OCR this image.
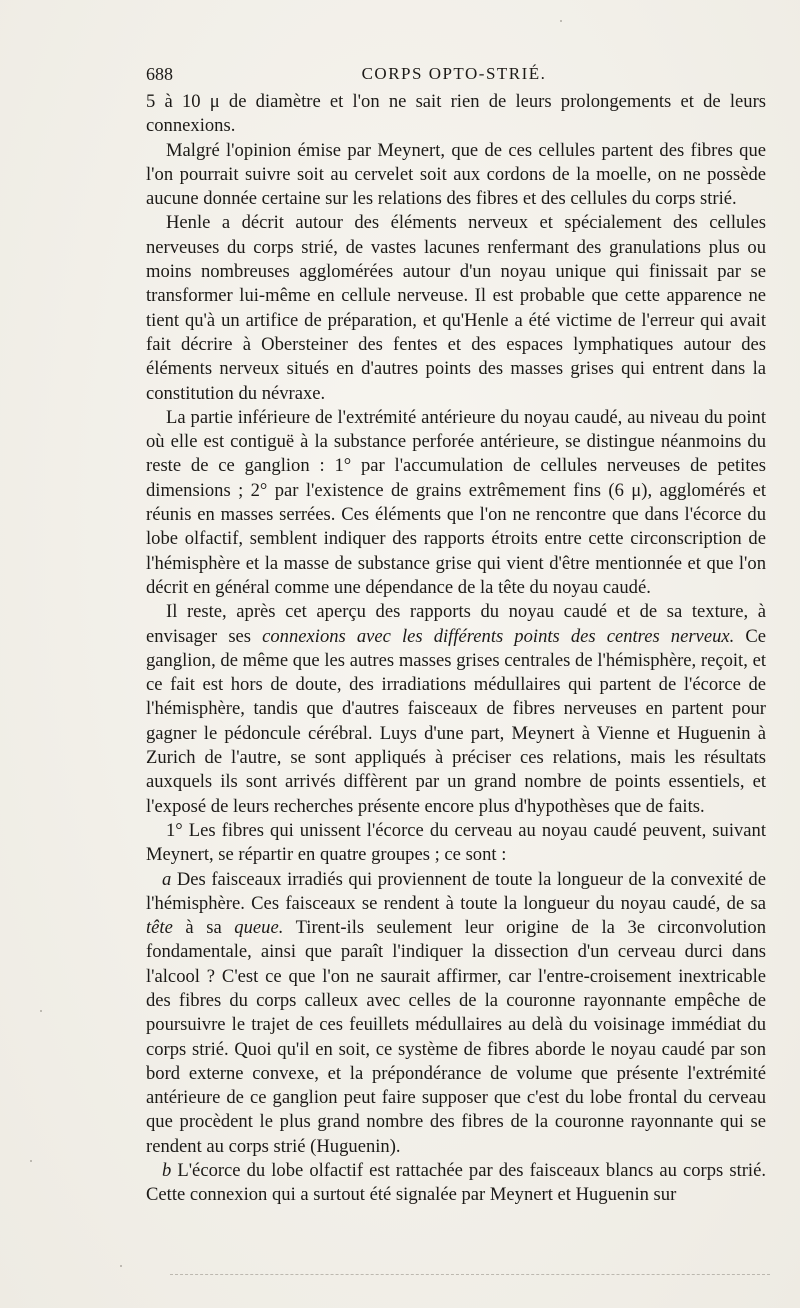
688	CORPS OPTO-STRIÉ.

5 à 10 μ de diamètre et l'on ne sait rien de leurs prolongements et de leurs connexions.

Malgré l'opinion émise par Meynert, que de ces cellules partent des fibres que l'on pourrait suivre soit au cervelet soit aux cordons de la moelle, on ne possède aucune donnée certaine sur les relations des fibres et des cellules du corps strié.

Henle a décrit autour des éléments nerveux et spécialement des cellules nerveuses du corps strié, de vastes lacunes renfermant des granulations plus ou moins nombreuses agglomérées autour d'un noyau unique qui finissait par se transformer lui-même en cellule nerveuse. Il est probable que cette apparence ne tient qu'à un artifice de préparation, et qu'Henle a été victime de l'erreur qui avait fait décrire à Obersteiner des fentes et des espaces lymphatiques autour des éléments nerveux situés en d'autres points des masses grises qui entrent dans la constitution du névraxe.

La partie inférieure de l'extrémité antérieure du noyau caudé, au niveau du point où elle est contiguë à la substance perforée antérieure, se distingue néanmoins du reste de ce ganglion : 1° par l'accumulation de cellules nerveuses de petites dimensions ; 2° par l'existence de grains extrêmement fins (6 μ), agglomérés et réunis en masses serrées. Ces éléments que l'on ne rencontre que dans l'écorce du lobe olfactif, semblent indiquer des rapports étroits entre cette circonscription de l'hémisphère et la masse de substance grise qui vient d'être mentionnée et que l'on décrit en général comme une dépendance de la tête du noyau caudé.

Il reste, après cet aperçu des rapports du noyau caudé et de sa texture, à envisager ses connexions avec les différents points des centres nerveux. Ce ganglion, de même que les autres masses grises centrales de l'hémisphère, reçoit, et ce fait est hors de doute, des irradiations médullaires qui partent de l'écorce de l'hémisphère, tandis que d'autres faisceaux de fibres nerveuses en partent pour gagner le pédoncule cérébral. Luys d'une part, Meynert à Vienne et Huguenin à Zurich de l'autre, se sont appliqués à préciser ces relations, mais les résultats auxquels ils sont arrivés diffèrent par un grand nombre de points essentiels, et l'exposé de leurs recherches présente encore plus d'hypothèses que de faits.

1° Les fibres qui unissent l'écorce du cerveau au noyau caudé peuvent, suivant Meynert, se répartir en quatre groupes ; ce sont :

a Des faisceaux irradiés qui proviennent de toute la longueur de la convexité de l'hémisphère. Ces faisceaux se rendent à toute la longueur du noyau caudé, de sa tête à sa queue. Tirent-ils seulement leur origine de la 3e circonvolution fondamentale, ainsi que paraît l'indiquer la dissection d'un cerveau durci dans l'alcool ? C'est ce que l'on ne saurait affirmer, car l'entre-croisement inextricable des fibres du corps calleux avec celles de la couronne rayonnante empêche de poursuivre le trajet de ces feuillets médullaires au delà du voisinage immédiat du corps strié. Quoi qu'il en soit, ce système de fibres aborde le noyau caudé par son bord externe convexe, et la prépondérance de volume que présente l'extrémité antérieure de ce ganglion peut faire supposer que c'est du lobe frontal du cerveau que procèdent le plus grand nombre des fibres de la couronne rayonnante qui se rendent au corps strié (Huguenin).

b L'écorce du lobe olfactif est rattachée par des faisceaux blancs au corps strié. Cette connexion qui a surtout été signalée par Meynert et Huguenin sur
